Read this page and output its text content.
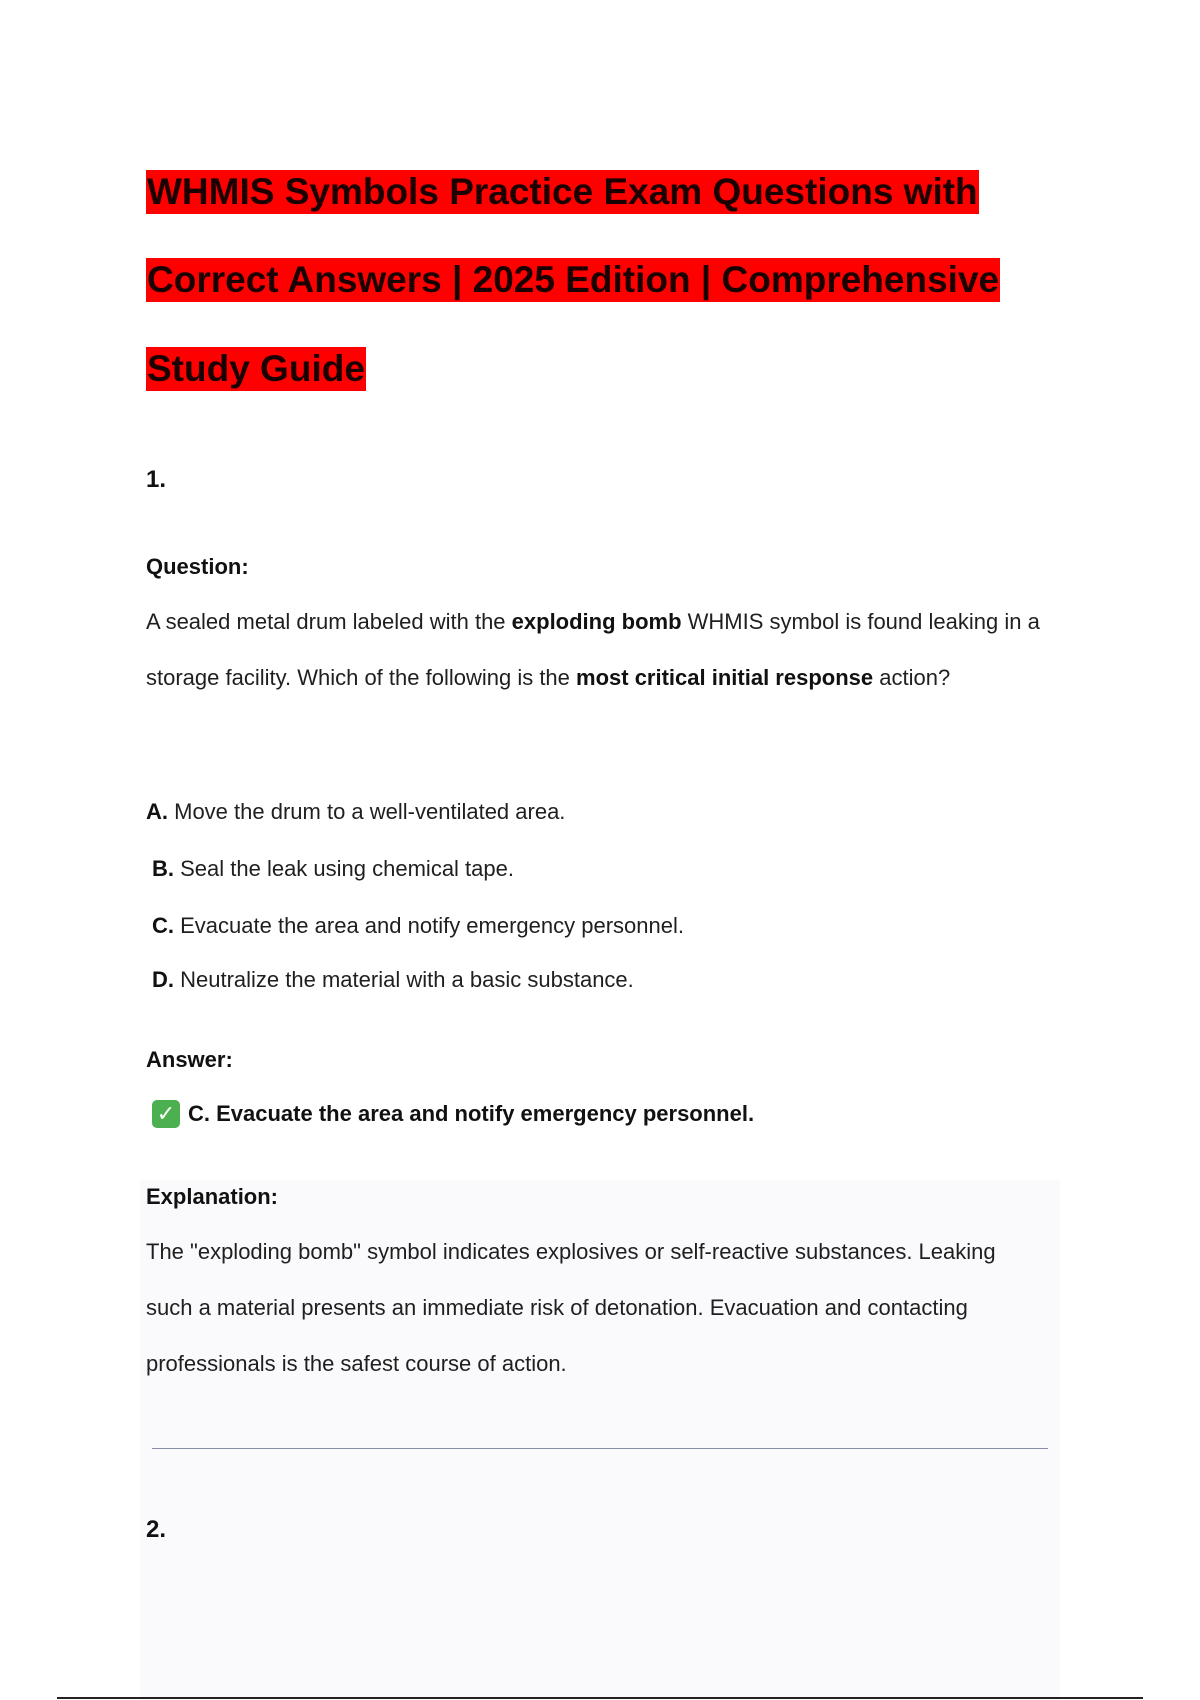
WHMIS Symbols Practice Exam Questions with
Correct Answers | 2025 Edition | Comprehensive
Study Guide
1.
Question:
A sealed metal drum labeled with the exploding bomb WHMIS symbol is found leaking in a storage facility. Which of the following is the most critical initial response action?
A. Move the drum to a well-ventilated area.
B. Seal the leak using chemical tape.
C. Evacuate the area and notify emergency personnel.
D. Neutralize the material with a basic substance.
Answer:
✓ C. Evacuate the area and notify emergency personnel.
Explanation:
The "exploding bomb" symbol indicates explosives or self-reactive substances. Leaking such a material presents an immediate risk of detonation. Evacuation and contacting professionals is the safest course of action.
2.
